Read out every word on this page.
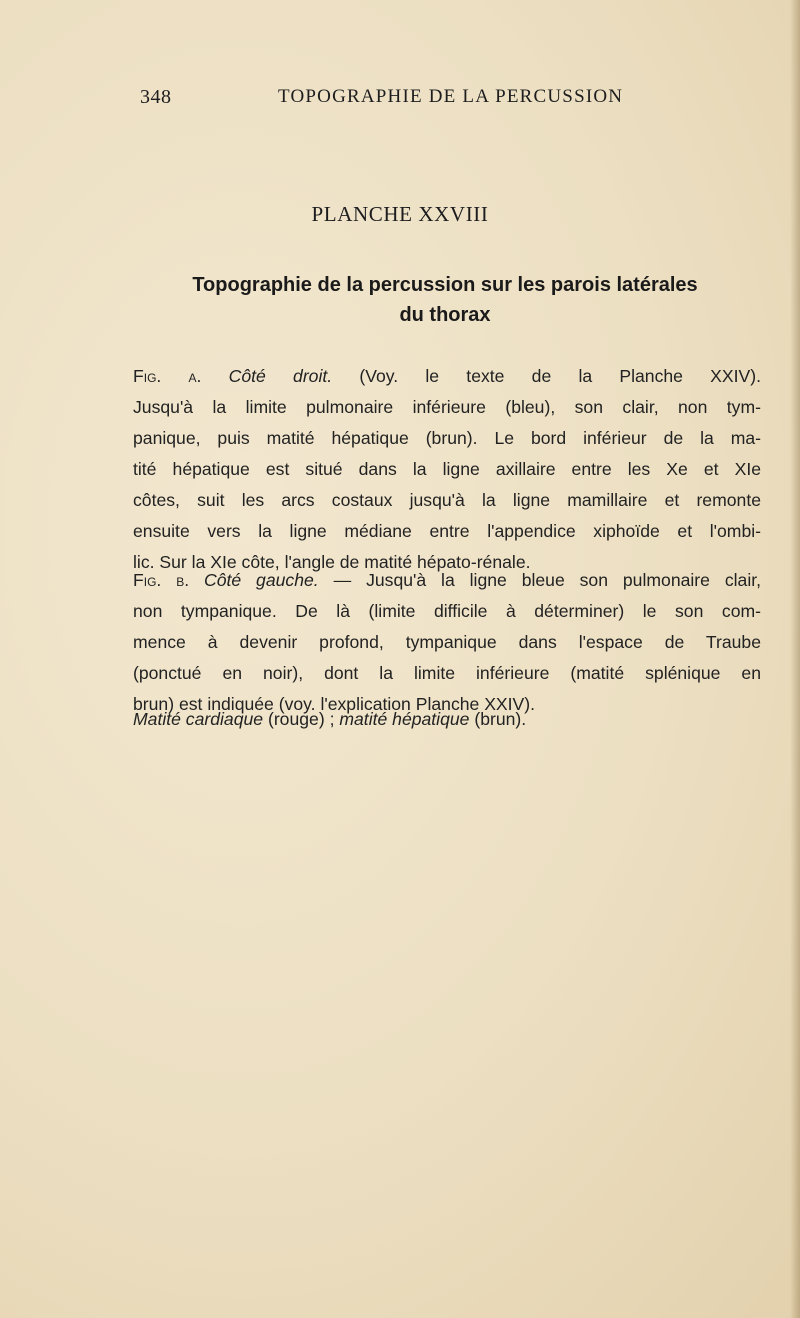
348	TOPOGRAPHIE DE LA PERCUSSION
PLANCHE XXVIII
Topographie de la percussion sur les parois latérales
du thorax
Fig. a. Côté droit. (Voy. le texte de la Planche XXIV).
Jusqu'à la limite pulmonaire inférieure (bleu), son clair, non tym-
panique, puis matité hépatique (brun). Le bord inférieur de la ma-
tité hépatique est situé dans la ligne axillaire entre les Xe et XIe
côtes, suit les arcs costaux jusqu'à la ligne mamillaire et remonte
ensuite vers la ligne médiane entre l'appendice xiphoïde et l'ombi-
lic. Sur la XIe côte, l'angle de matité hépato-rénale.
Fig. b. Côté gauche. — Jusqu'à la ligne bleue son pulmonaire clair,
non tympanique. De là (limite difficile à déterminer) le son com-
mence à devenir profond, tympanique dans l'espace de Traube
(ponctué en noir), dont la limite inférieure (matité splénique en
brun) est indiquée (voy. l'explication Planche XXIV).
Matité cardiaque (rouge) ; matité hépatique (brun).
